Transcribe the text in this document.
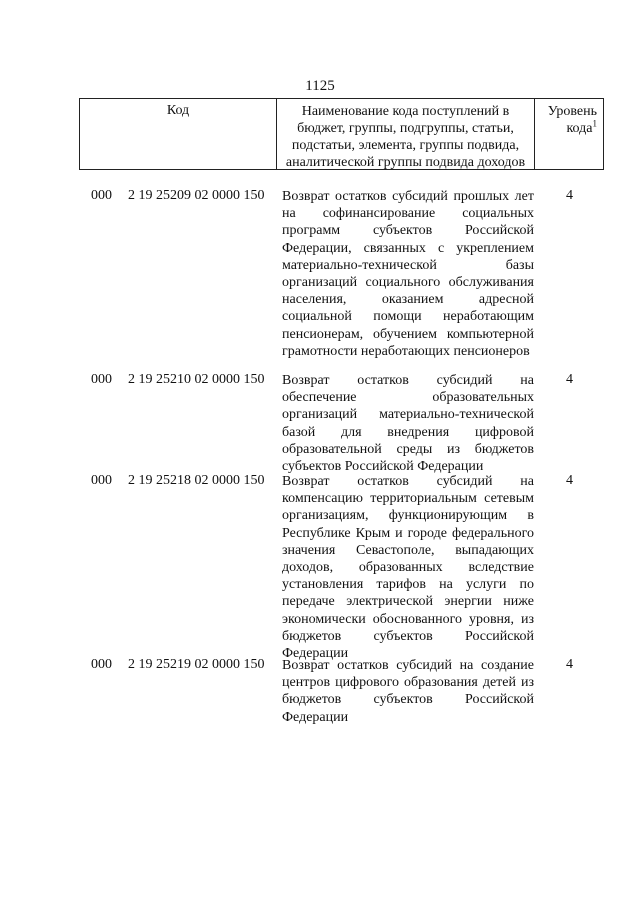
1125
Код	Наименование кода поступлений в бюджет, группы, подгруппы, статьи, подстатьи, элемента, группы подвида, аналитической группы подвида доходов
Уровень кода$^1$
000 2 19 25209 02 0000 150 Возврат остатков субсидий прошлых лет на софинансирование социальных программ субъектов Российской Федерации, связанных с укреплением материально-технической базы организаций социального обслуживания населения, оказанием адресной социальной помощи неработающим пенсионерам, обучением компьютерной грамотности неработающих пенсионеров
4
000 2 19 25210 02 0000 150 Возврат остатков субсидий на обеспечение образовательных организаций материально-технической базой для внедрения цифровой образовательной среды из бюджетов субъектов Российской Федерации
4
000 2 19 25218 02 0000 150 Возврат остатков субсидий на компенсацию территориальным сетевым организациям, функционирующим в Республике Крым и городе федерального значения Севастополе, выпадающих доходов, образованных вследствие установления тарифов на услуги по передаче электрической энергии ниже экономически обоснованного уровня, из бюджетов субъектов Российской Федерации
4
000 2 19 25219 02 0000 150 Возврат остатков субсидий на создание центров цифрового образования детей из бюджетов субъектов Российской Федерации
4
